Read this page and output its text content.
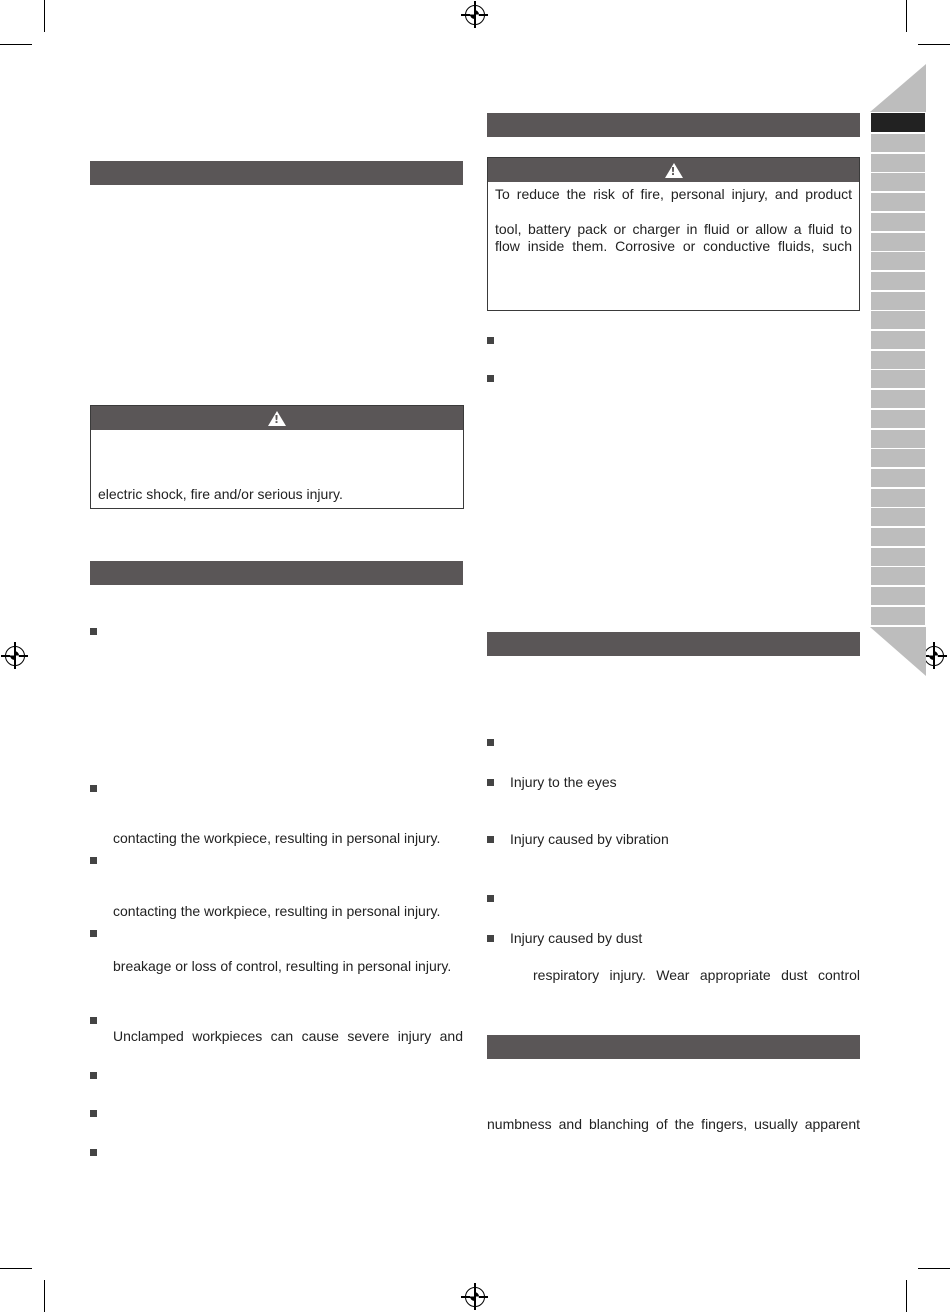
!
electric shock, fire and/or serious injury.
contacting the workpiece, resulting in personal injury.
contacting the workpiece, resulting in personal injury.
breakage or loss of control, resulting in personal injury.
Unclamped workpieces can cause severe injury and
!
To reduce the risk of fire, personal injury, and product
tool, battery pack or charger in fluid or allow a fluid to
flow inside them. Corrosive or conductive fluids, such
Injury to the eyes
Injury caused by vibration
Injury caused by dust
respiratory injury. Wear appropriate dust control
numbness and blanching of the fingers, usually apparent
